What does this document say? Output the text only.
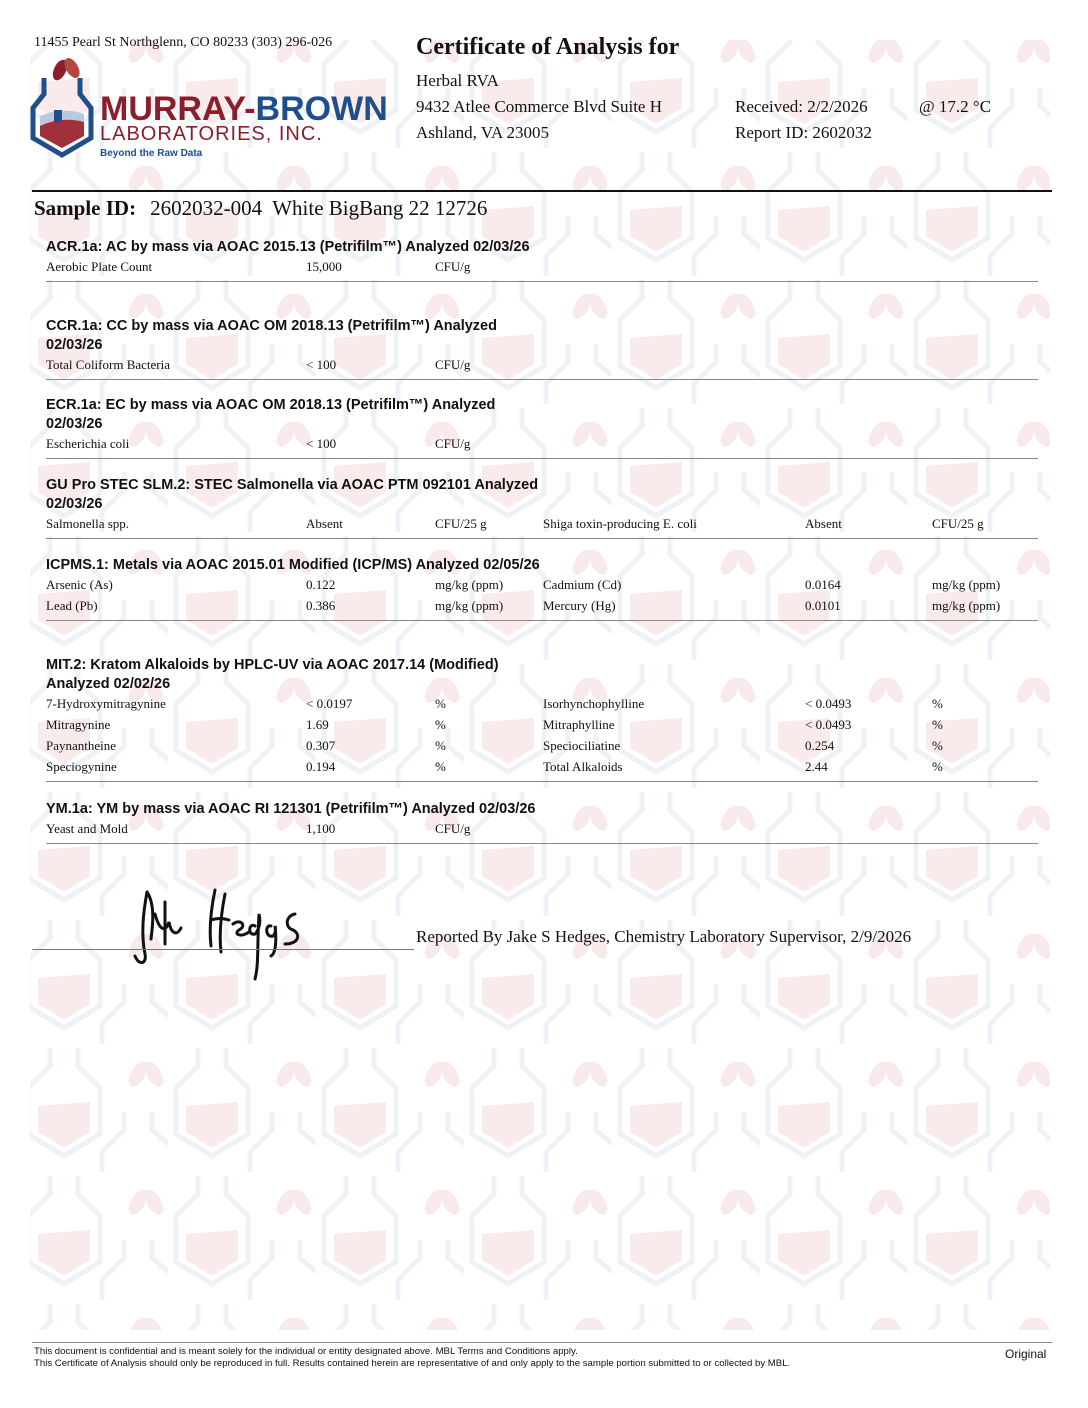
11455 Pearl St Northglenn, CO 80233 (303) 296-026
MURRAY-BROWN
LABORATORIES, INC.
Beyond the Raw Data
Certificate of Analysis for
Herbal RVA
9432 Atlee Commerce Blvd Suite H
Ashland, VA 23005
Received: 2/2/2026	@ 17.2 °C
Report ID: 2602032
Sample ID: 2602032-004  White BigBang 22 12726
ACR.1a: AC by mass via AOAC 2015.13 (Petrifilm™) Analyzed 02/03/26
Aerobic Plate Count	15,000	CFU/g
CCR.1a: CC by mass via AOAC OM 2018.13 (Petrifilm™) Analyzed 02/03/26
Total Coliform Bacteria	< 100	CFU/g
ECR.1a: EC by mass via AOAC OM 2018.13 (Petrifilm™) Analyzed 02/03/26
Escherichia coli	< 100	CFU/g
GU Pro STEC SLM.2: STEC Salmonella via AOAC PTM 092101 Analyzed 02/03/26
Salmonella spp.	Absent	CFU/25 g	Shiga toxin-producing E. coli	Absent	CFU/25 g
ICPMS.1: Metals via AOAC 2015.01 Modified (ICP/MS) Analyzed 02/05/26
Arsenic (As)	0.122	mg/kg (ppm)	Cadmium (Cd)	0.0164	mg/kg (ppm)
Lead (Pb)	0.386	mg/kg (ppm)	Mercury (Hg)	0.0101	mg/kg (ppm)
MIT.2: Kratom Alkaloids by HPLC-UV via AOAC 2017.14 (Modified) Analyzed 02/02/26
7-Hydroxymitragynine	< 0.0197	%	Isorhynchophylline	< 0.0493	%
Mitragynine	1.69	%	Mitraphylline	< 0.0493	%
Paynantheine	0.307	%	Speciociliatine	0.254	%
Speciogynine	0.194	%	Total Alkaloids	2.44	%
YM.1a: YM by mass via AOAC RI 121301 (Petrifilm™) Analyzed 02/03/26
Yeast and Mold	1,100	CFU/g
Reported By Jake S Hedges, Chemistry Laboratory Supervisor, 2/9/2026
This document is confidential and is meant solely for the individual or entity designated above. MBL Terms and Conditions apply.
This Certificate of Analysis should only be reproduced in full. Results contained herein are representative of and only apply to the sample portion submitted to or collected by MBL.
Original
